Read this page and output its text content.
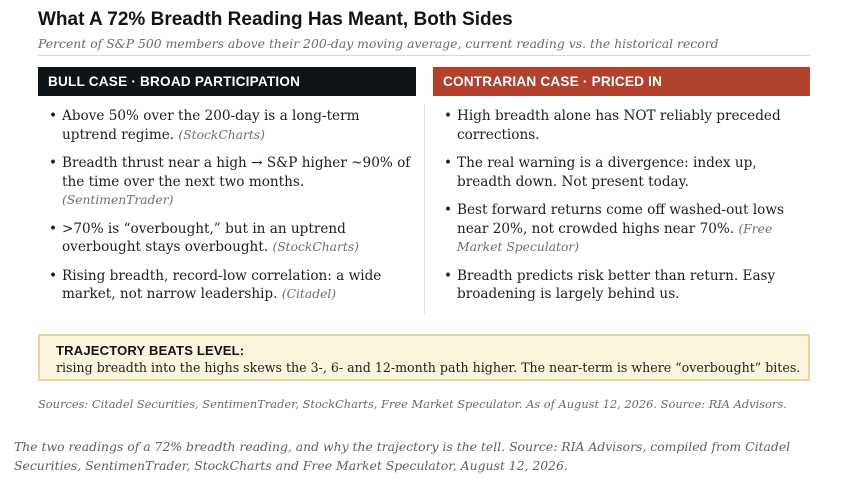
What A 72% Breadth Reading Has Meant, Both Sides
Percent of S&P 500 members above their 200-day moving average, current reading vs. the historical record
BULL CASE · BROAD PARTICIPATION	CONTRARIAN CASE · PRICED IN
• Above 50% over the 200-day is a long-term uptrend regime. (StockCharts)
• Breadth thrust near a high → S&P higher ~90% of the time over the next two months. (SentimenTrader)
• >70% is “overbought,” but in an uptrend overbought stays overbought. (StockCharts)
• Rising breadth, record-low correlation: a wide market, not narrow leadership. (Citadel)
• High breadth alone has NOT reliably preceded corrections.
• The real warning is a divergence: index up, breadth down. Not present today.
• Best forward returns come off washed-out lows near 20%, not crowded highs near 70%. (Free Market Speculator)
• Breadth predicts risk better than return. Easy broadening is largely behind us.
TRAJECTORY BEATS LEVEL:
rising breadth into the highs skews the 3-, 6- and 12-month path higher. The near-term is where “overbought” bites.
Sources: Citadel Securities, SentimenTrader, StockCharts, Free Market Speculator. As of August 12, 2026. Source: RIA Advisors.
The two readings of a 72% breadth reading, and why the trajectory is the tell. Source: RIA Advisors, compiled from Citadel Securities, SentimenTrader, StockCharts and Free Market Speculator, August 12, 2026.
